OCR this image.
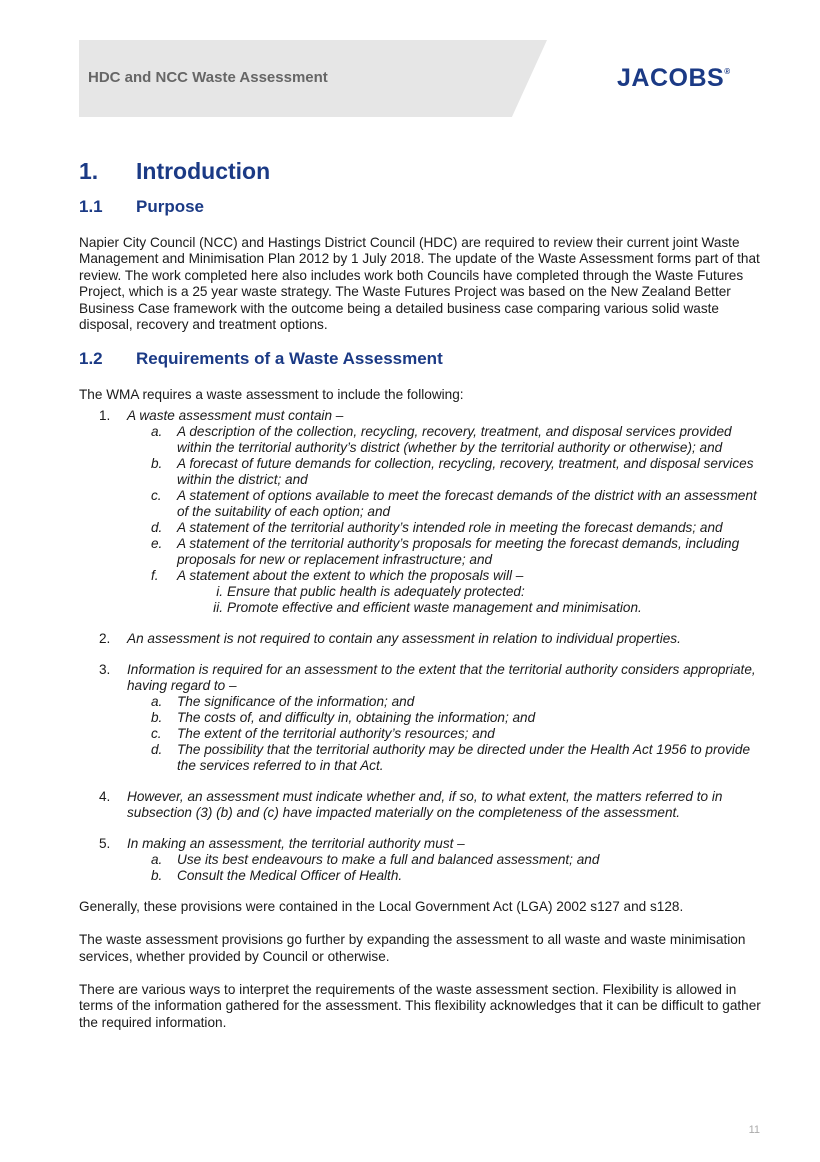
HDC and NCC Waste Assessment	JACOBS®
1.	Introduction
1.1	Purpose

Napier City Council (NCC) and Hastings District Council (HDC) are required to review their current joint Waste Management and Minimisation Plan 2012 by 1 July 2018. The update of the Waste Assessment forms part of that review. The work completed here also includes work both Councils have completed through the Waste Futures Project, which is a 25 year waste strategy. The Waste Futures Project was based on the New Zealand Better Business Case framework with the outcome being a detailed business case comparing various solid waste disposal, recovery and treatment options.

1.2	Requirements of a Waste Assessment

The WMA requires a waste assessment to include the following:

1. A waste assessment must contain –
a. A description of the collection, recycling, recovery, treatment, and disposal services provided within the territorial authority’s district (whether by the territorial authority or otherwise); and
b. A forecast of future demands for collection, recycling, recovery, treatment, and disposal services within the district; and
c. A statement of options available to meet the forecast demands of the district with an assessment of the suitability of each option; and
d. A statement of the territorial authority’s intended role in meeting the forecast demands; and
e. A statement of the territorial authority’s proposals for meeting the forecast demands, including proposals for new or replacement infrastructure; and
f. A statement about the extent to which the proposals will –
i. Ensure that public health is adequately protected:
ii. Promote effective and efficient waste management and minimisation.
2. An assessment is not required to contain any assessment in relation to individual properties.
3. Information is required for an assessment to the extent that the territorial authority considers appropriate, having regard to –
a. The significance of the information; and
b. The costs of, and difficulty in, obtaining the information; and
c. The extent of the territorial authority’s resources; and
d. The possibility that the territorial authority may be directed under the Health Act 1956 to provide the services referred to in that Act.
4. However, an assessment must indicate whether and, if so, to what extent, the matters referred to in subsection (3) (b) and (c) have impacted materially on the completeness of the assessment.
5. In making an assessment, the territorial authority must –
a. Use its best endeavours to make a full and balanced assessment; and
b. Consult the Medical Officer of Health.

Generally, these provisions were contained in the Local Government Act (LGA) 2002 s127 and s128.

The waste assessment provisions go further by expanding the assessment to all waste and waste minimisation services, whether provided by Council or otherwise.

There are various ways to interpret the requirements of the waste assessment section. Flexibility is allowed in terms of the information gathered for the assessment. This flexibility acknowledges that it can be difficult to gather the required information.

11
